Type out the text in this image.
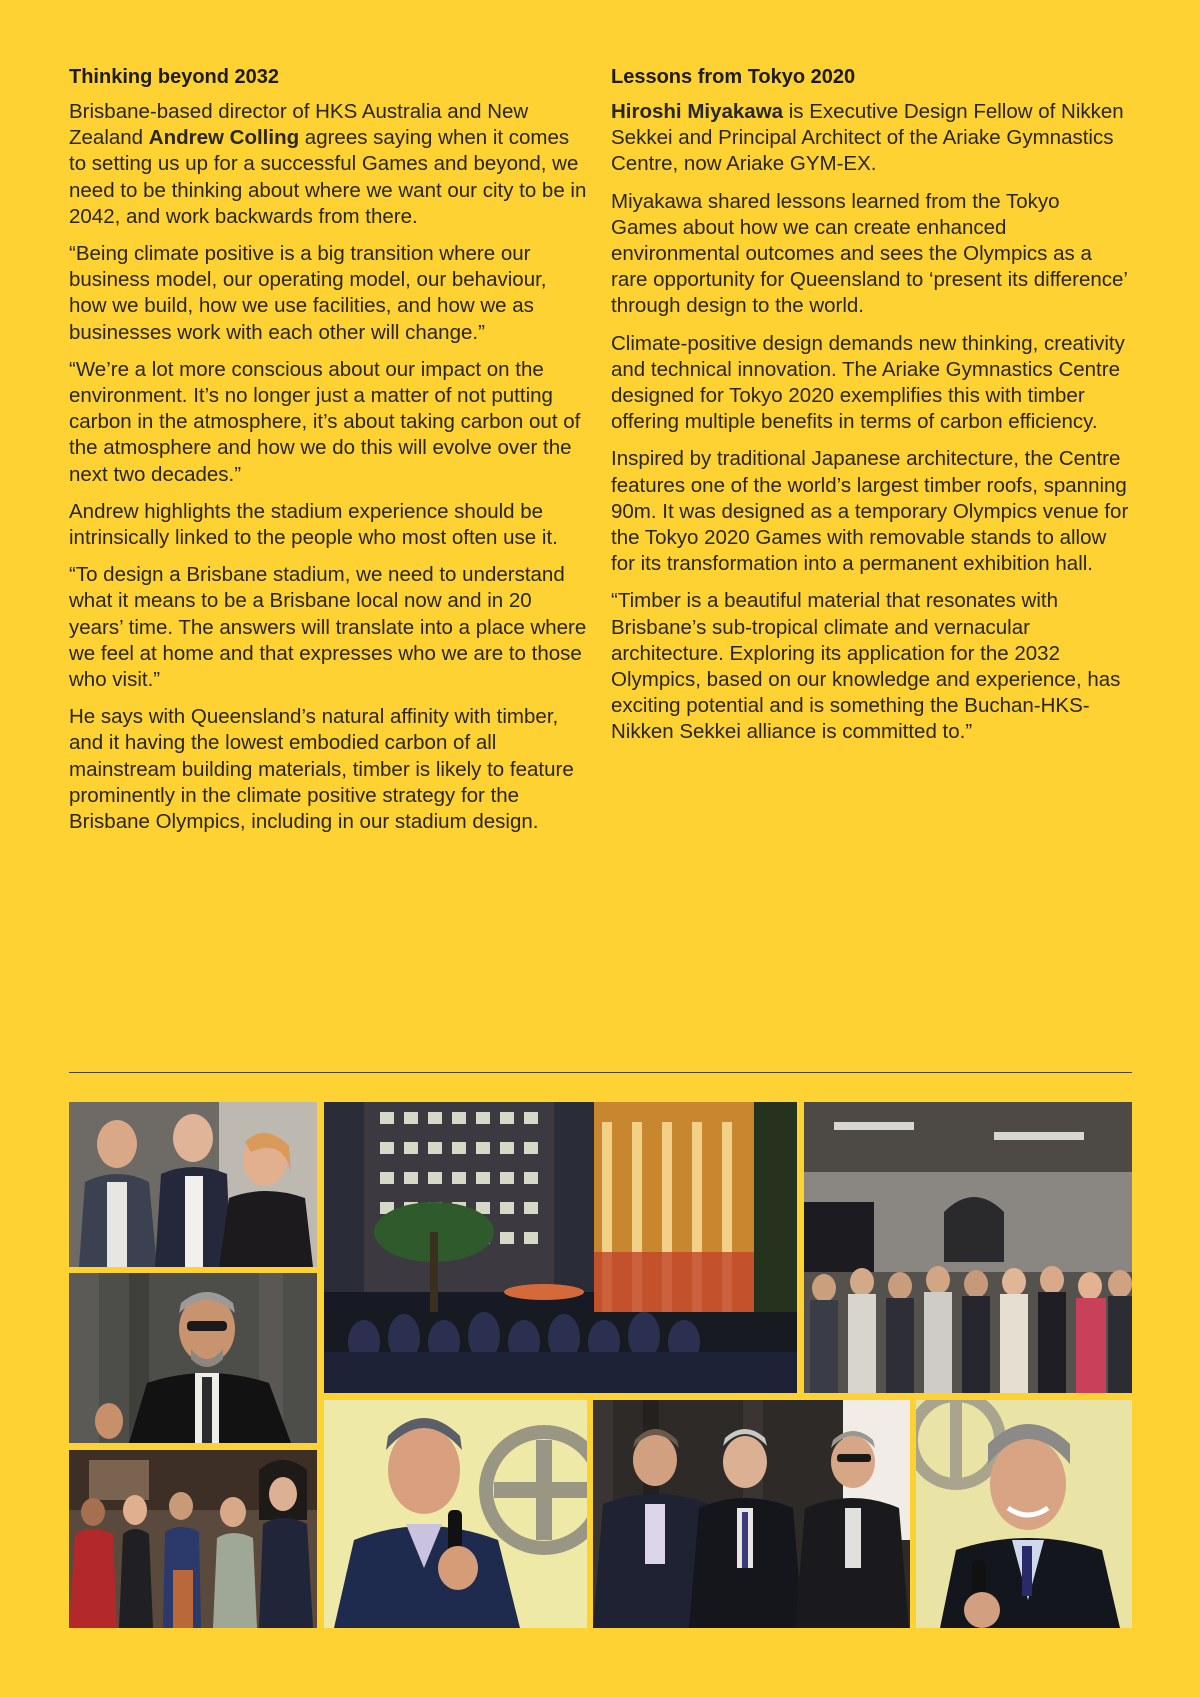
Thinking beyond 2032

Brisbane-based director of HKS Australia and New Zealand Andrew Colling agrees saying when it comes to setting us up for a successful Games and beyond, we need to be thinking about where we want our city to be in 2042, and work backwards from there.

“Being climate positive is a big transition where our business model, our operating model, our behaviour, how we build, how we use facilities, and how we as businesses work with each other will change.”

“We’re a lot more conscious about our impact on the environment. It’s no longer just a matter of not putting carbon in the atmosphere, it’s about taking carbon out of the atmosphere and how we do this will evolve over the next two decades.”

Andrew highlights the stadium experience should be intrinsically linked to the people who most often use it.

“To design a Brisbane stadium, we need to understand what it means to be a Brisbane local now and in 20 years’ time. The answers will translate into a place where we feel at home and that expresses who we are to those who visit.”

He says with Queensland’s natural affinity with timber, and it having the lowest embodied carbon of all mainstream building materials, timber is likely to feature prominently in the climate positive strategy for the Brisbane Olympics, including in our stadium design.

Lessons from Tokyo 2020

Hiroshi Miyakawa is Executive Design Fellow of Nikken Sekkei and Principal Architect of the Ariake Gymnastics Centre, now Ariake GYM-EX.

Miyakawa shared lessons learned from the Tokyo Games about how we can create enhanced environmental outcomes and sees the Olympics as a rare opportunity for Queensland to ‘present its difference’ through design to the world.

Climate-positive design demands new thinking, creativity and technical innovation. The Ariake Gymnastics Centre designed for Tokyo 2020 exemplifies this with timber offering multiple benefits in terms of carbon efficiency.

Inspired by traditional Japanese architecture, the Centre features one of the world’s largest timber roofs, spanning 90m. It was designed as a temporary Olympics venue for the Tokyo 2020 Games with removable stands to allow for its transformation into a permanent exhibition hall.

“Timber is a beautiful material that resonates with Brisbane’s sub-tropical climate and vernacular architecture. Exploring its application for the 2032 Olympics, based on our knowledge and experience, has exciting potential and is something the Buchan-HKS-Nikken Sekkei alliance is committed to.”
